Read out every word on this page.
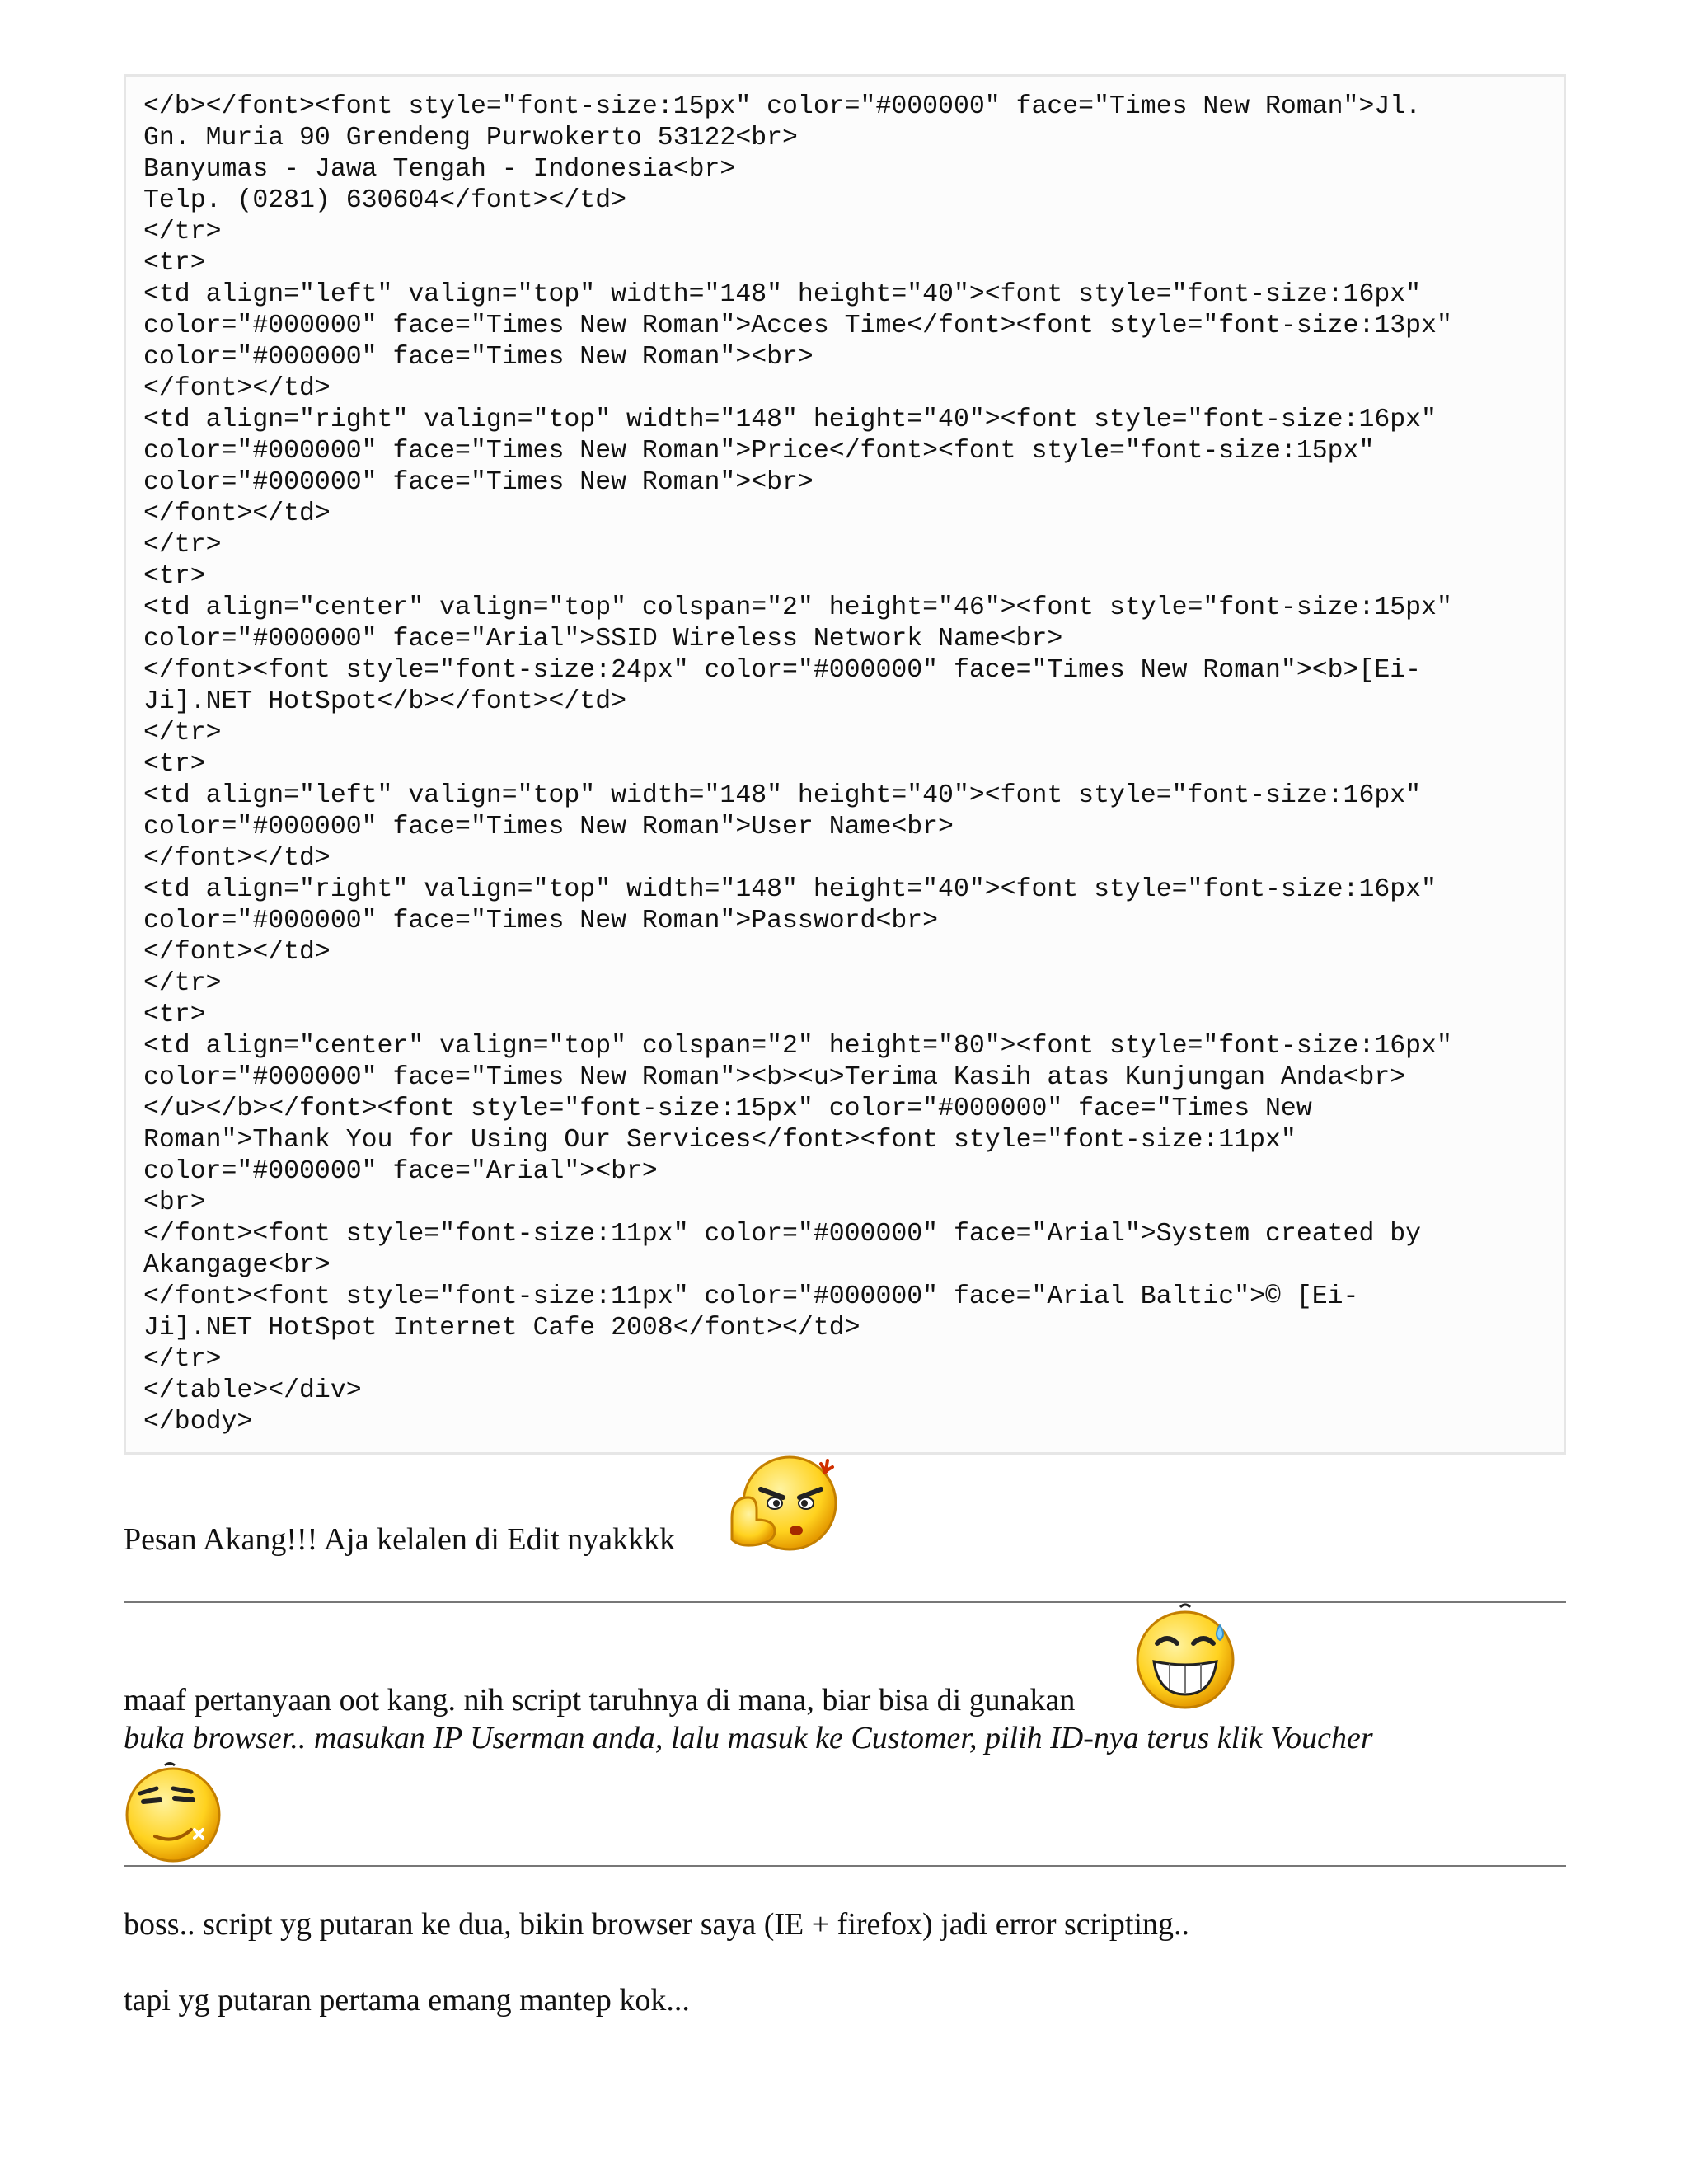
</b></font><font style="font-size:15px" color="#000000" face="Times New Roman">Jl.
Gn. Muria 90 Grendeng Purwokerto 53122<br>
Banyumas - Jawa Tengah - Indonesia<br>
Telp. (0281) 630604</font></td>
</tr>
<tr>
<td align="left" valign="top" width="148" height="40"><font style="font-size:16px"
color="#000000" face="Times New Roman">Acces Time</font><font style="font-size:13px"
color="#000000" face="Times New Roman"><br>
</font></td>
<td align="right" valign="top" width="148" height="40"><font style="font-size:16px"
color="#000000" face="Times New Roman">Price</font><font style="font-size:15px"
color="#000000" face="Times New Roman"><br>
</font></td>
</tr>
<tr>
<td align="center" valign="top" colspan="2" height="46"><font style="font-size:15px"
color="#000000" face="Arial">SSID Wireless Network Name<br>
</font><font style="font-size:24px" color="#000000" face="Times New Roman"><b>[Ei-
Ji].NET HotSpot</b></font></td>
</tr>
<tr>
<td align="left" valign="top" width="148" height="40"><font style="font-size:16px"
color="#000000" face="Times New Roman">User Name<br>
</font></td>
<td align="right" valign="top" width="148" height="40"><font style="font-size:16px"
color="#000000" face="Times New Roman">Password<br>
</font></td>
</tr>
<tr>
<td align="center" valign="top" colspan="2" height="80"><font style="font-size:16px"
color="#000000" face="Times New Roman"><b><u>Terima Kasih atas Kunjungan Anda<br>
</u></b></font><font style="font-size:15px" color="#000000" face="Times New
Roman">Thank You for Using Our Services</font><font style="font-size:11px"
color="#000000" face="Arial"><br>
<br>
</font><font style="font-size:11px" color="#000000" face="Arial">System created by
Akangage<br>
</font><font style="font-size:11px" color="#000000" face="Arial Baltic">© [Ei-
Ji].NET HotSpot Internet Cafe 2008</font></td>
</tr>
</table></div>
</body>
Pesan Akang!!! Aja kelalen di Edit nyakkkk
maaf pertanyaan oot kang. nih script taruhnya di mana, biar bisa di gunakan
buka browser.. masukan IP Userman anda, lalu masuk ke Customer, pilih ID-nya terus klik Voucher
boss.. script yg putaran ke dua, bikin browser saya (IE + firefox) jadi error scripting..
tapi yg putaran pertama emang mantep kok...
